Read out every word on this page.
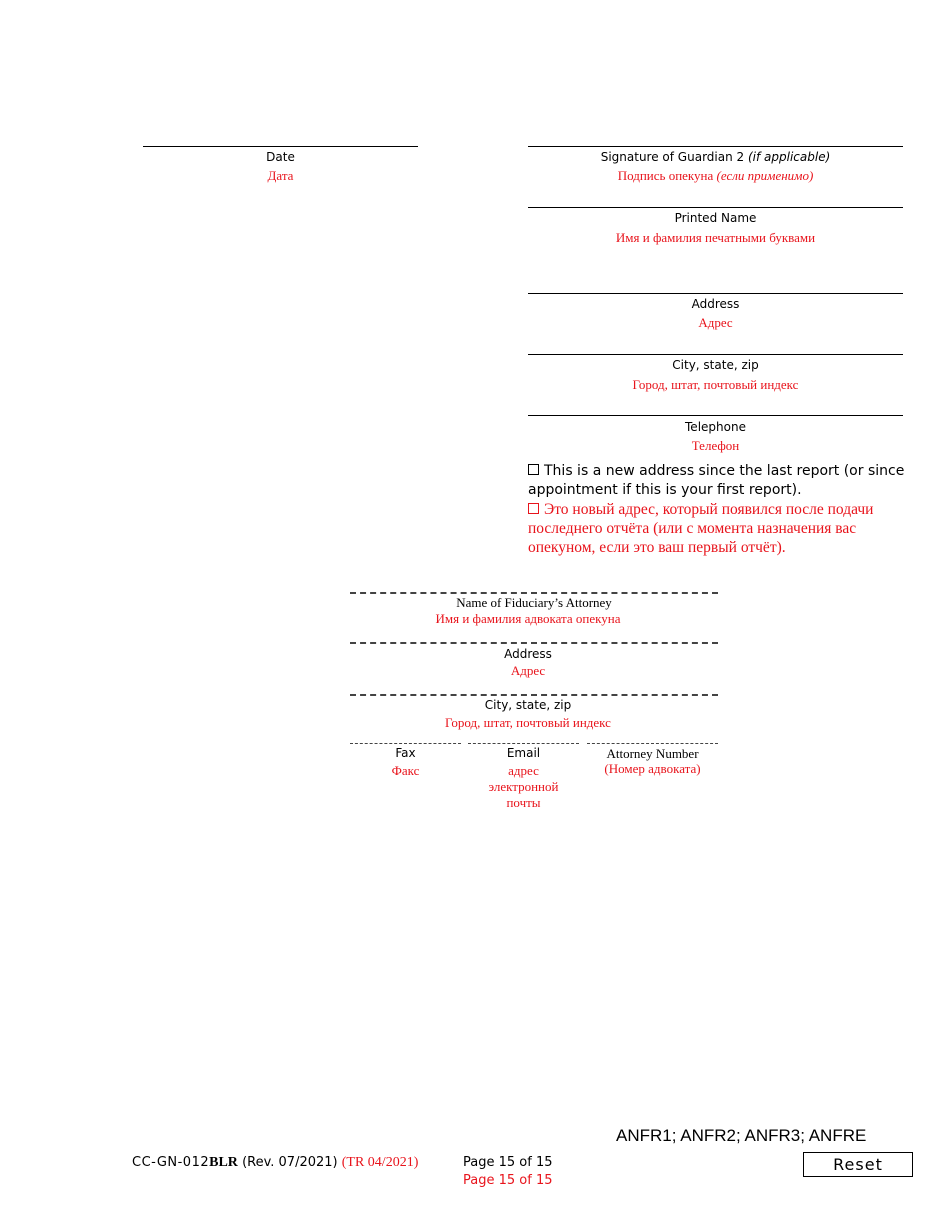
Date
Дата
Signature of Guardian 2 (if applicable)
Подпись опекуна (если применимо)
Printed Name
Имя и фамилия печатными буквами
Address
Адрес
City, state, zip
Город, штат, почтовый индекс
Telephone
Телефон
This is a new address since the last report (or since appointment if this is your first report).
Это новый адрес, который появился после подачи последнего отчёта (или с момента назначения вас опекуном, если это ваш первый отчёт).
Name of Fiduciary’s Attorney
Имя и фамилия адвоката опекуна
Address
Адрес
City, state, zip
Город, штат, почтовый индекс
Fax
Факс
Email
адрес
электронной
почты
Attorney Number
(Номер адвоката)
ANFR1; ANFR2; ANFR3; ANFRE
CC-GN-012BLR (Rev. 07/2021) (TR 04/2021)	Page 15 of 15
Page 15 of 15
Reset
